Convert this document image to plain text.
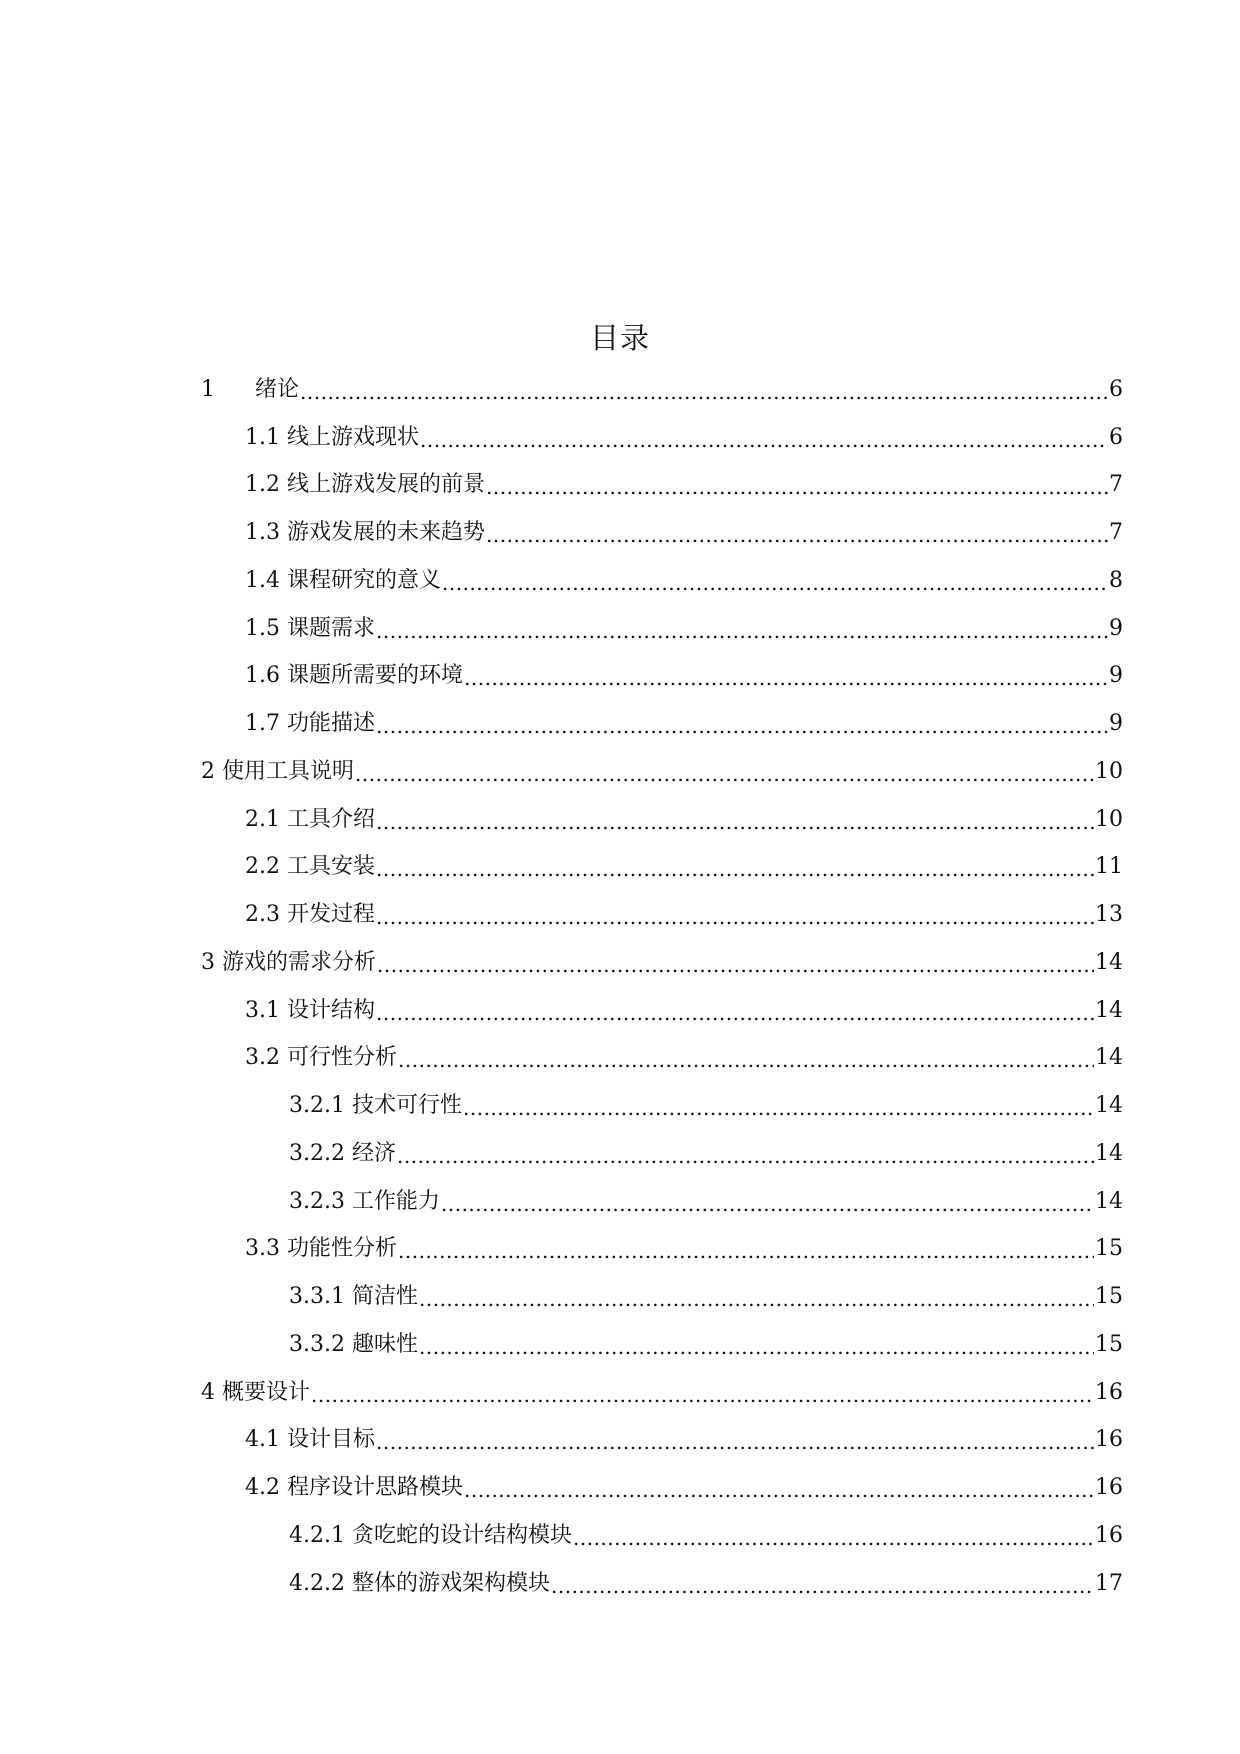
目录
1 绪论 .....	6
1.1 线上游戏现状 .....	6
1.2 线上游戏发展的前景 .....	7
1.3 游戏发展的未来趋势 .....	7
1.4 课程研究的意义 .....	8
1.5 课题需求 .....	9
1.6 课题所需要的环境 .....	9
1.7 功能描述 .....	9
2 使用工具说明 .....	10
2.1 工具介绍 .....	10
2.2 工具安装 .....	11
2.3 开发过程 .....	13
3 游戏的需求分析 .....	14
3.1 设计结构 .....	14
3.2 可行性分析 .....	14
3.2.1 技术可行性 .....	14
3.2.2 经济 .....	14
3.2.3 工作能力 .....	14
3.3 功能性分析 .....	15
3.3.1 简洁性 .....	15
3.3.2 趣味性 .....	15
4 概要设计 .....	16
4.1 设计目标 .....	16
4.2 程序设计思路模块 .....	16
4.2.1 贪吃蛇的设计结构模块 .....	16
4.2.2 整体的游戏架构模块 .....	17
